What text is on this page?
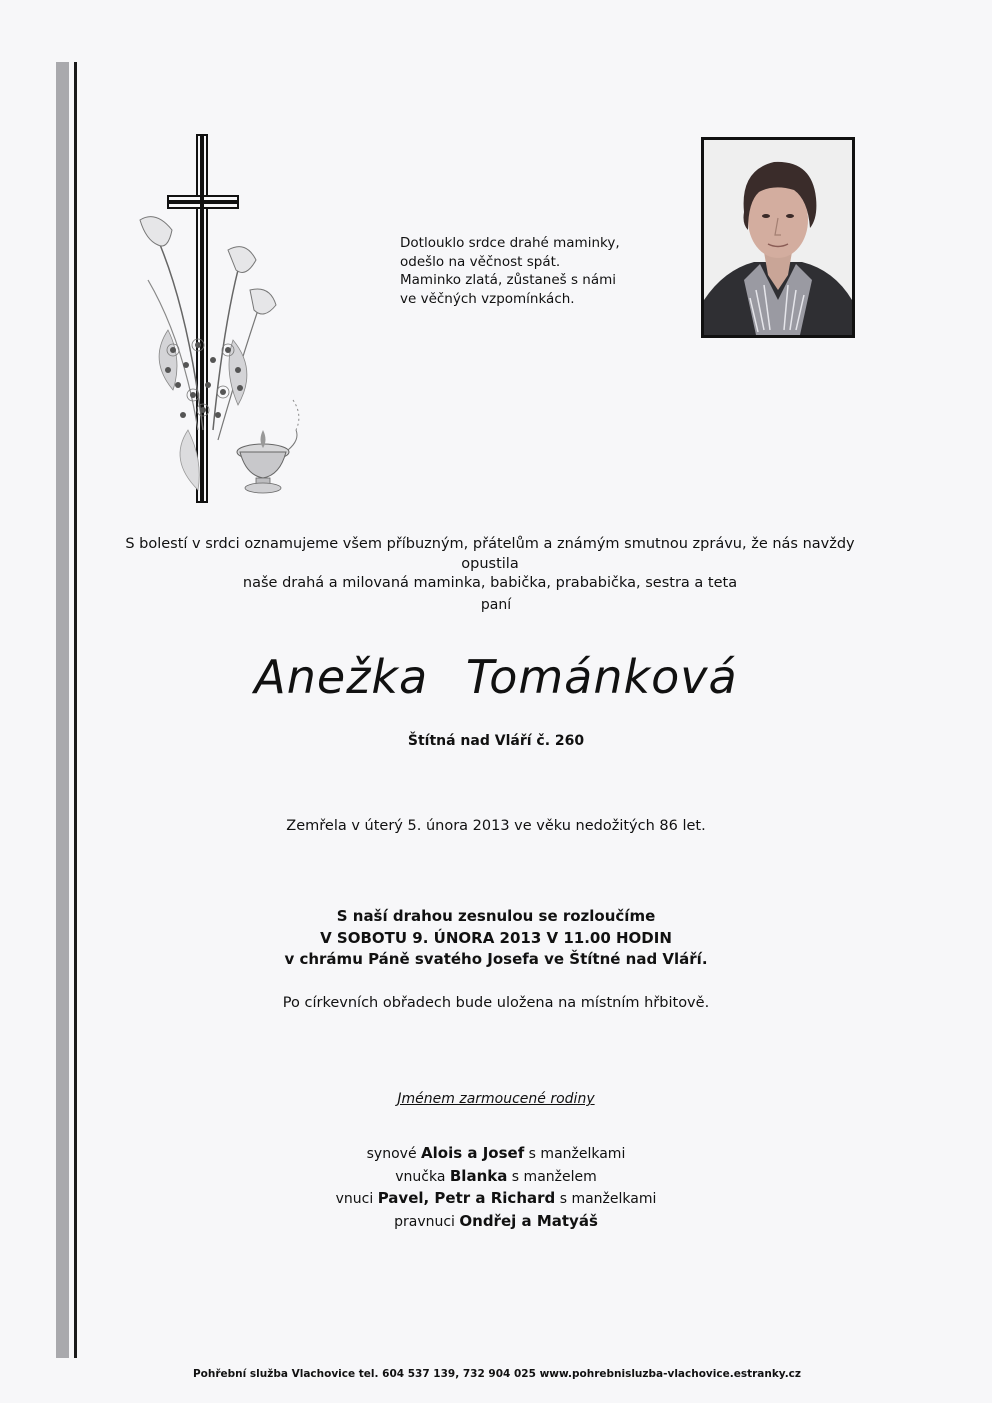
Dotlouklo srdce drahé maminky,
odešlo na věčnost spát.
Maminko zlatá, zůstaneš s námi
ve věčných vzpomínkách.
S bolestí v srdci oznamujeme všem příbuzným, přátelům a známým smutnou zprávu, že nás navždy opustila
naše drahá a milovaná maminka, babička, prababička, sestra a teta
paní
Anežka Tománková
Štítná nad Vláří č. 260
Zemřela v úterý 5. února 2013 ve věku nedožitých 86 let.
S naší drahou zesnulou se rozloučíme
V SOBOTU 9. ÚNORA 2013 V 11.00 HODIN
v chrámu Páně svatého Josefa ve Štítné nad Vláří.
Po církevních obřadech bude uložena na místním hřbitově.
Jménem zarmoucené rodiny
synové Alois a Josef s manželkami
vnučka Blanka s manželem
vnuci Pavel, Petr a Richard s manželkami
pravnuci Ondřej a Matyáš
Pohřební služba Vlachovice tel. 604 537 139, 732 904 025 www.pohrebnisluzba-vlachovice.estranky.cz
